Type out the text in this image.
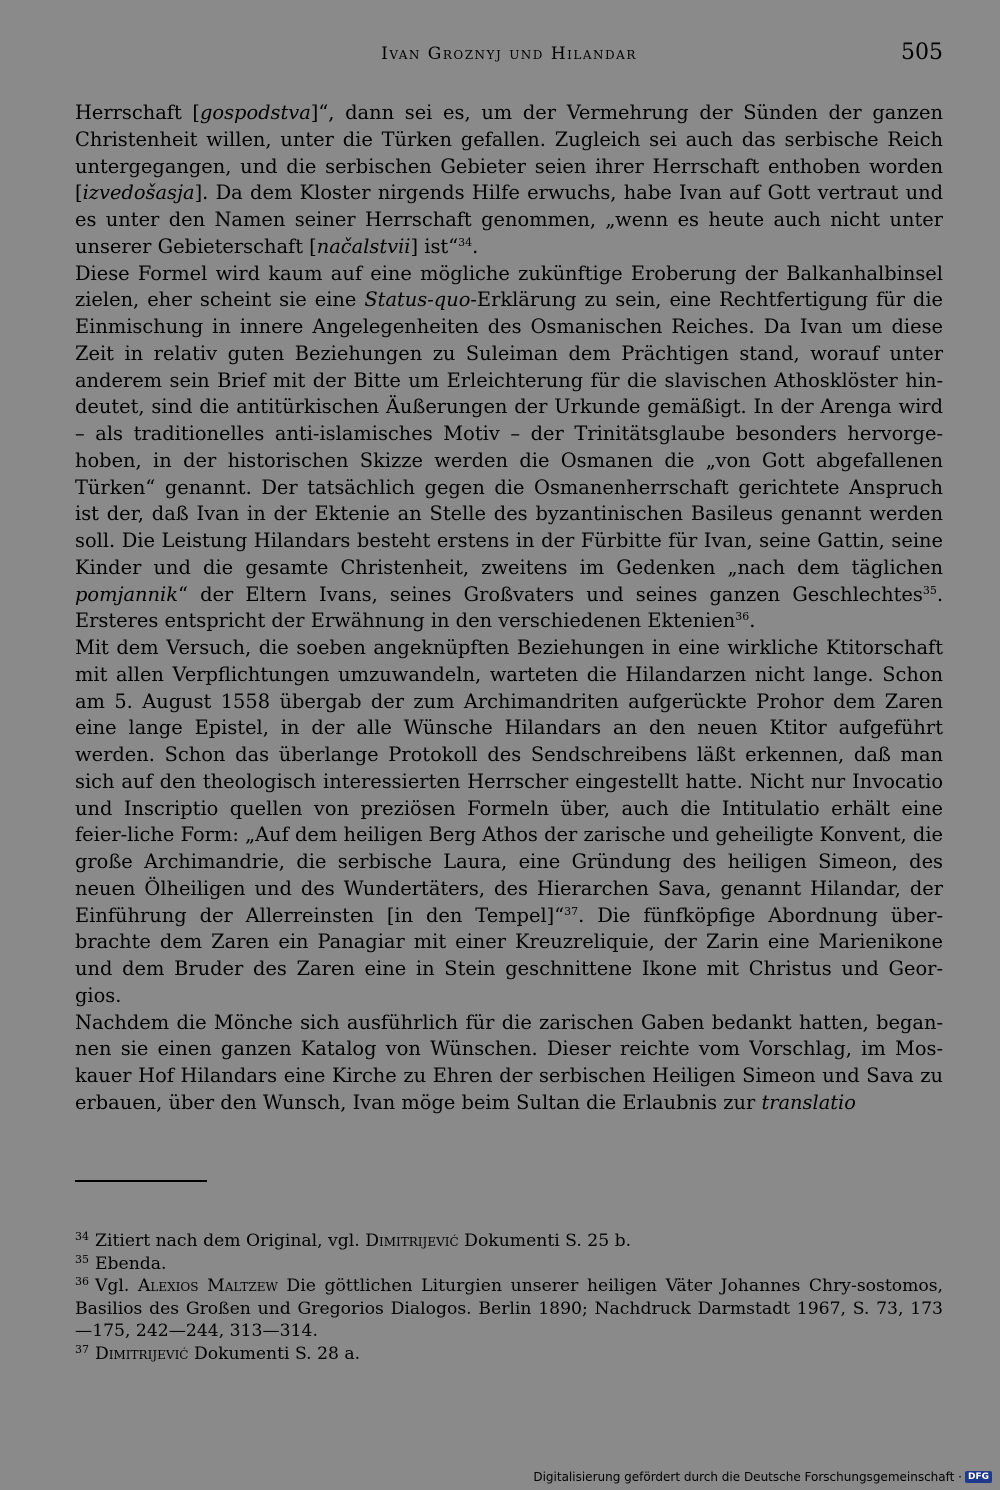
Ivan Groznyj und Hilandar	505

Herrschaft [gospodstva]“, dann sei es, um der Vermehrung der Sünden der ganzen Christenheit willen, unter die Türken gefallen. Zugleich sei auch das serbische Reich untergegangen, und die serbischen Gebieter seien ihrer Herrschaft enthoben worden [izvedošasja]. Da dem Kloster nirgends Hilfe erwuchs, habe Ivan auf Gott vertraut und es unter den Namen seiner Herrschaft genommen, „wenn es heute auch nicht unter unserer Gebieterschaft [načalstvii] ist“$^{34}$.

Diese Formel wird kaum auf eine mögliche zukünftige Eroberung der Balkanhalbinsel zielen, eher scheint sie eine Status-quo-Erklärung zu sein, eine Rechtfertigung für die Einmischung in innere Angelegenheiten des Osmanischen Reiches. Da Ivan um diese Zeit in relativ guten Beziehungen zu Suleiman dem Prächtigen stand, worauf unter anderem sein Brief mit der Bitte um Erleichterung für die slavischen Athosklöster hin-deutet, sind die antitürkischen Äußerungen der Urkunde gemäßigt. In der Arenga wird – als traditionelles anti-islamisches Motiv – der Trinitätsglaube besonders hervorge-hoben, in der historischen Skizze werden die Osmanen die „von Gott abgefallenen Türken“ genannt. Der tatsächlich gegen die Osmanenherrschaft gerichtete Anspruch ist der, daß Ivan in der Ektenie an Stelle des byzantinischen Basileus genannt werden soll. Die Leistung Hilandars besteht erstens in der Fürbitte für Ivan, seine Gattin, seine Kinder und die gesamte Christenheit, zweitens im Gedenken „nach dem täglichen pomjannik“ der Eltern Ivans, seines Großvaters und seines ganzen Geschlechtes$^{35}$. Ersteres entspricht der Erwähnung in den verschiedenen Ektenien$^{36}$.

Mit dem Versuch, die soeben angeknüpften Beziehungen in eine wirkliche Ktitorschaft mit allen Verpflichtungen umzuwandeln, warteten die Hilandarzen nicht lange. Schon am 5. August 1558 übergab der zum Archimandriten aufgerückte Prohor dem Zaren eine lange Epistel, in der alle Wünsche Hilandars an den neuen Ktitor aufgeführt werden. Schon das überlange Protokoll des Sendschreibens läßt erkennen, daß man sich auf den theologisch interessierten Herrscher eingestellt hatte. Nicht nur Invocatio und Inscriptio quellen von preziösen Formeln über, auch die Intitulatio erhält eine feier-liche Form: „Auf dem heiligen Berg Athos der zarische und geheiligte Konvent, die große Archimandrie, die serbische Laura, eine Gründung des heiligen Simeon, des neuen Ölheiligen und des Wundertäters, des Hierarchen Sava, genannt Hilandar, der Einführung der Allerreinsten [in den Tempel]“$^{37}$. Die fünfköpfige Abordnung über-brachte dem Zaren ein Panagiar mit einer Kreuzreliquie, der Zarin eine Marienikone und dem Bruder des Zaren eine in Stein geschnittene Ikone mit Christus und Geor-gios.

Nachdem die Mönche sich ausführlich für die zarischen Gaben bedankt hatten, began-nen sie einen ganzen Katalog von Wünschen. Dieser reichte vom Vorschlag, im Mos-kauer Hof Hilandars eine Kirche zu Ehren der serbischen Heiligen Simeon und Sava zu erbauen, über den Wunsch, Ivan möge beim Sultan die Erlaubnis zur translatio

$^{34}$ Zitiert nach dem Original, vgl. Dimitrijević Dokumenti S. 25 b.

$^{35}$ Ebenda.

$^{36}$ Vgl. Alexios Maltzew Die göttlichen Liturgien unserer heiligen Väter Johannes Chry-sostomos, Basilios des Großen und Gregorios Dialogos. Berlin 1890; Nachdruck Darmstadt 1967, S. 73, 173—175, 242—244, 313—314.

$^{37}$ Dimitrijević Dokumenti S. 28 a.

Digitalisierung gefördert durch die Deutsche Forschungsgemeinschaft · DFG
